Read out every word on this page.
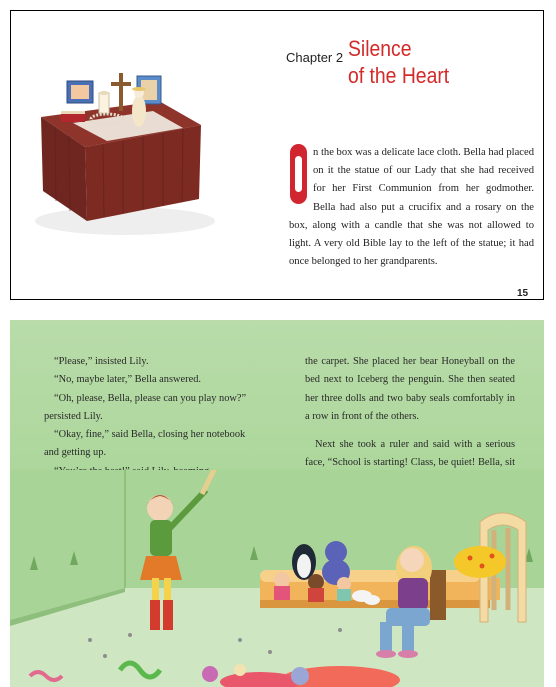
Chapter 2 Silence
of the Heart
n the box was a delicate lace cloth. Bella had placed on it the statue of our Lady that she had received for her First Communion from her godmother. Bella had also put a crucifix and a rosary on the box, along with a candle that she was not allowed to light. A very old Bible lay to the left of the statue; it had once belonged to her grandparents.
15

“Please,” insisted Lily.

“No, maybe later,” Bella answered.

“Oh, please, Bella, please can you play now?” persisted Lily.

“Okay, fine,” said Bella, closing her notebook and getting up.

the carpet. She placed her bear Honeyball on the bed next to Iceberg the penguin. She then seated her three dolls and two baby seals comfortably in a row in front of the others.

Next she took a ruler and said with a serious face, “School is starting! Class, be quiet! Bella, sit
